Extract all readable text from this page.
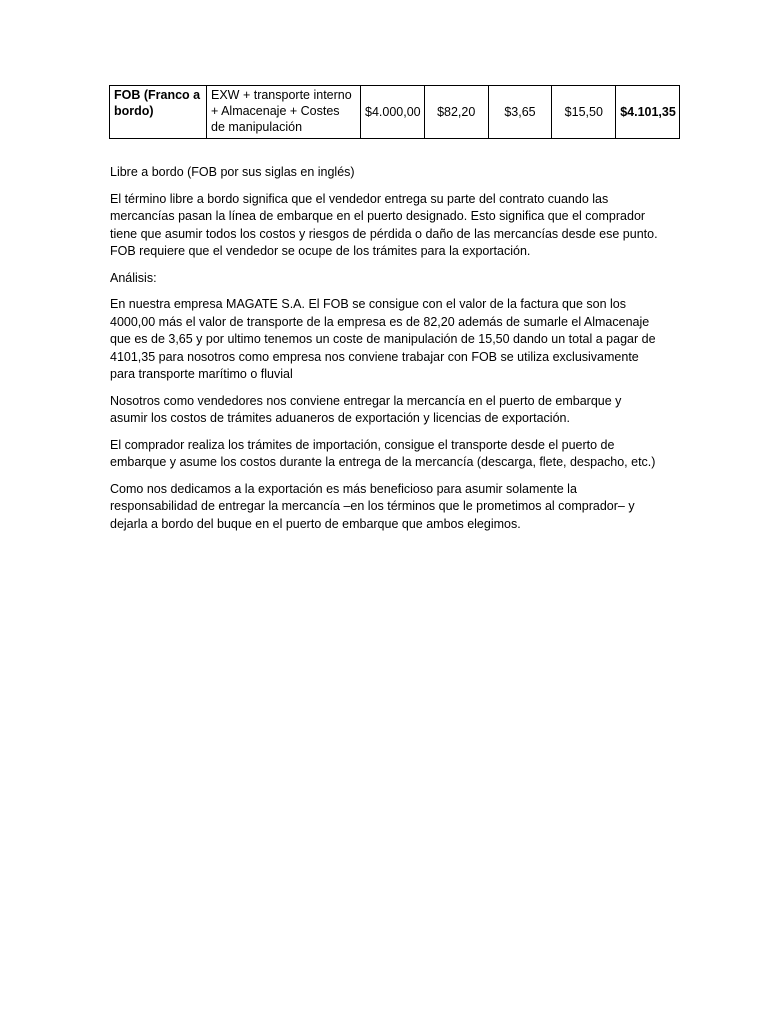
FOB (Franco a bordo)	EXW + transporte interno + Almacenaje + Costes de manipulación	$4.000,00	$82,20	$3,65	$15,50	$4.101,35

Libre a bordo (FOB por sus siglas en inglés)

El término libre a bordo significa que el vendedor entrega su parte del contrato cuando las mercancías pasan la línea de embarque en el puerto designado. Esto significa que el comprador tiene que asumir todos los costos y riesgos de pérdida o daño de las mercancías desde ese punto. FOB requiere que el vendedor se ocupe de los trámites para la exportación.

Análisis:

En nuestra empresa MAGATE S.A. El FOB se consigue con el valor de la factura que son los 4000,00 más el valor de transporte de la empresa es de 82,20 además de sumarle el Almacenaje que es de 3,65 y por ultimo tenemos un coste de manipulación de 15,50 dando un total a pagar de 4101,35 para nosotros como empresa nos conviene trabajar con FOB se utiliza exclusivamente para transporte marítimo o fluvial

Nosotros como vendedores nos conviene entregar la mercancía en el puerto de embarque y asumir los costos de trámites aduaneros de exportación y licencias de exportación.

El comprador realiza los trámites de importación, consigue el transporte desde el puerto de embarque y asume los costos durante la entrega de la mercancía (descarga, flete, despacho, etc.)

Como nos dedicamos a la exportación es más beneficioso para asumir solamente la responsabilidad de entregar la mercancía –en los términos que le prometimos al comprador– y dejarla a bordo del buque en el puerto de embarque que ambos elegimos.
